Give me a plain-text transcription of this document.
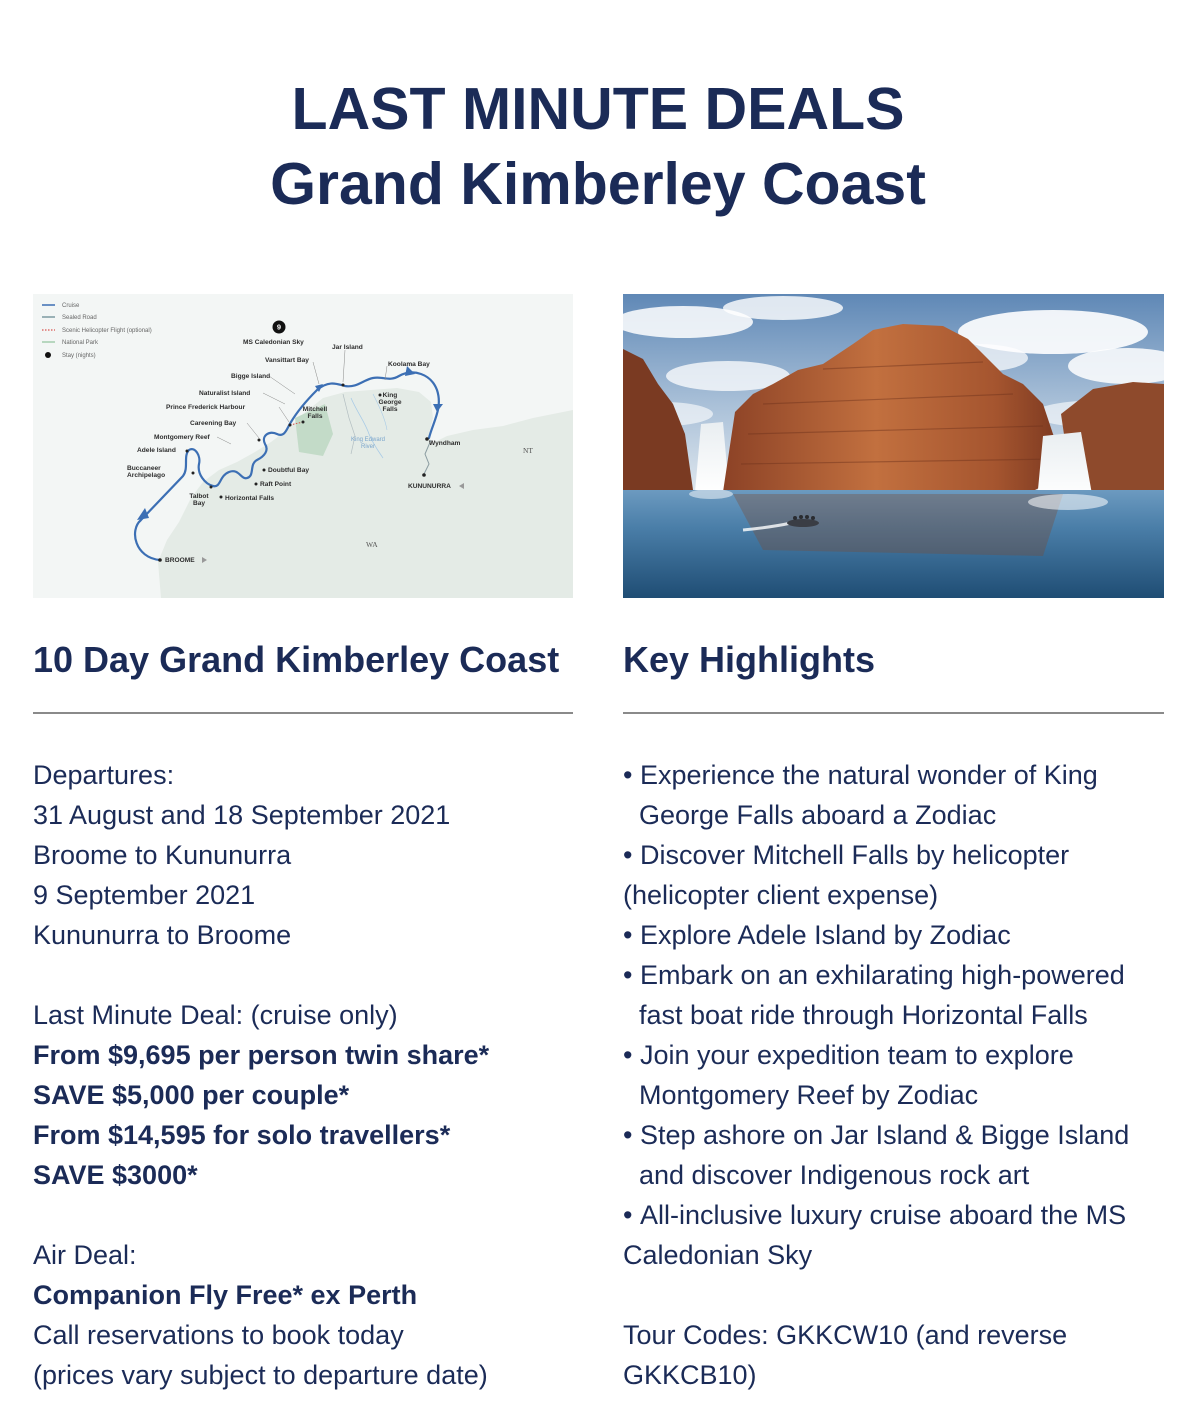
LAST MINUTE DEALS
Grand Kimberley Coast
Cruise
Sealed Road
Scenic Helicopter Flight (optional)
National Park
Stay (nights)
9
MS Caledonian Sky
Jar Island
Vansittart Bay
Koolama Bay
Bigge Island
Naturalist Island	King
George
Falls
Prince Frederick Harbour	Mitchell
Falls
Careening Bay
Wyndham
Montgomery Reef
Adele Island
King Edward
River	NT
Doubtful Bay
Buccaneer
Archipelago
Raft Point	KUNUNURRA
Talbot
Bay
Horizontal Falls
WA
BROOME
10 Day Grand Kimberley Coast
Departures:
31 August and 18 September 2021
Broome to Kununurra
9 September 2021
Kununurra to Broome
Last Minute Deal: (cruise only)
From $9,695 per person twin share*
SAVE $5,000 per couple*
From $14,595 for solo travellers*
SAVE $3000*
Air Deal:
Companion Fly Free* ex Perth
Call reservations to book today
(prices vary subject to departure date)
Key Highlights
• Experience the natural wonder of King
George Falls aboard a Zodiac
• Discover Mitchell Falls by helicopter
(helicopter client expense)
• Explore Adele Island by Zodiac
• Embark on an exhilarating high-powered
fast boat ride through Horizontal Falls
• Join your expedition team to explore
Montgomery Reef by Zodiac
• Step ashore on Jar Island & Bigge Island
and discover Indigenous rock art
• All-inclusive luxury cruise aboard the MS
Caledonian Sky
Tour Codes: GKKCW10 (and reverse
GKKCB10)
